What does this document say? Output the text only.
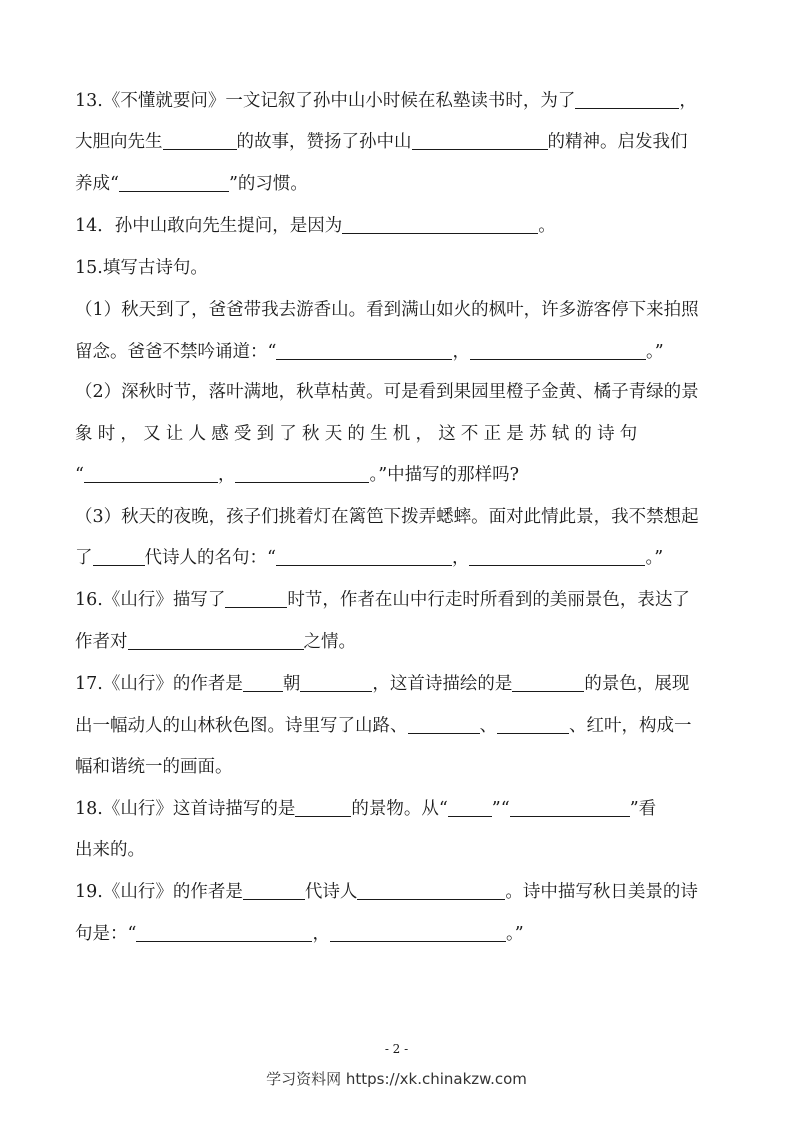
13.《不懂就要问》一文记叙了孙中山小时候在私塾读书时，为了	，
大胆向先生	的故事，赞扬了孙中山	的精神。启发我们
养成“	”的习惯。
14．孙中山敢向先生提问，是因为	。
15.填写古诗句。
（1）秋天到了，爸爸带我去游香山。看到满山如火的枫叶，许多游客停下来拍照
留念。爸爸不禁吟诵道：“	，	。”
（2）深秋时节，落叶满地，秋草枯黄。可是看到果园里橙子金黄、橘子青绿的景
象时，又让人感受到了秋天的生机，这不正是苏轼的诗句
“	，	。”中描写的那样吗?
（3）秋天的夜晚，孩子们挑着灯在篱笆下拨弄蟋蟀。面对此情此景，我不禁想起
了	代诗人的名句：“	，	。”
16.《山行》描写了	时节，作者在山中行走时所看到的美丽景色，表达了
作者对	之情。
17.《山行》的作者是 朝	，这首诗描绘的是	的景色，展现
出一幅动人的山林秋色图。诗里写了山路、	、	、红叶，构成一
幅和谐统一的画面。
18.《山行》这首诗描写的是	的景物。从“	”“	”看
出来的。
19.《山行》的作者是	代诗人	。诗中描写秋日美景的诗
句是：“	，	。”
- 2 -
学习资料网 https://xk.chinakzw.com
